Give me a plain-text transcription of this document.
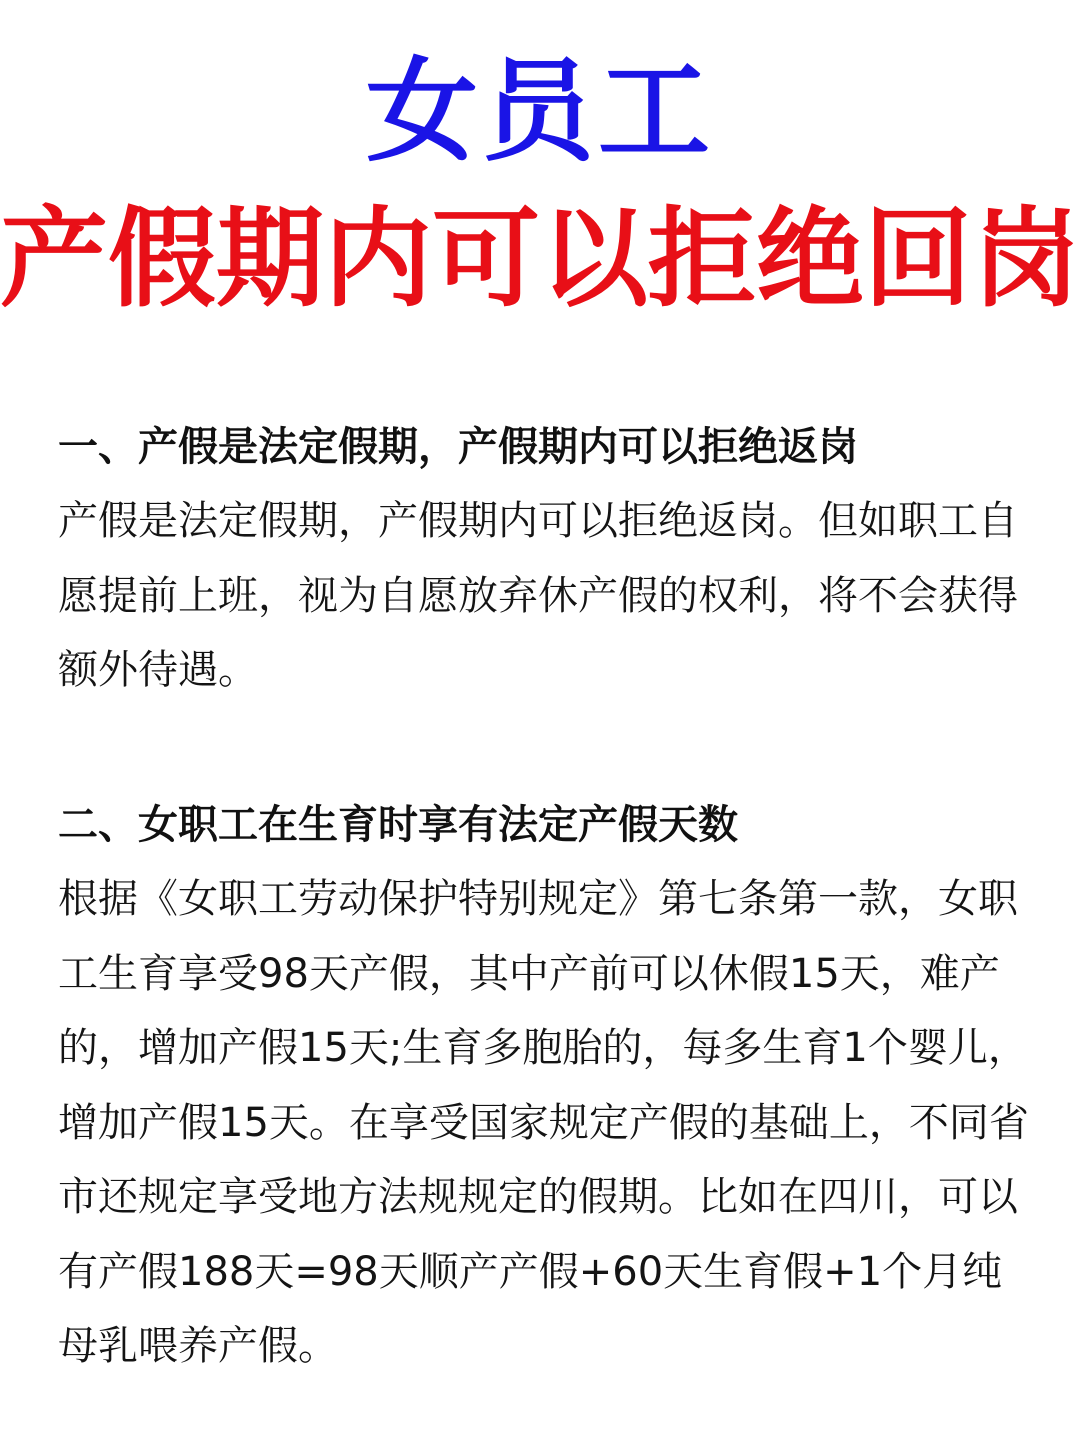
女员工
产假期内可以拒绝回岗

一、产假是法定假期，产假期内可以拒绝返岗

产假是法定假期，产假期内可以拒绝返岗。但如职工自愿提前上班，视为自愿放弃休产假的权利，将不会获得额外待遇。

二、女职工在生育时享有法定产假天数

根据《女职工劳动保护特别规定》第七条第一款，女职工生育享受98天产假，其中产前可以休假15天，难产的，增加产假15天;生育多胞胎的，每多生育1个婴儿，增加产假15天。在享受国家规定产假的基础上，不同省市还规定享受地方法规规定的假期。比如在四川，可以有产假188天=98天顺产产假+60天生育假+1个月纯母乳喂养产假。
